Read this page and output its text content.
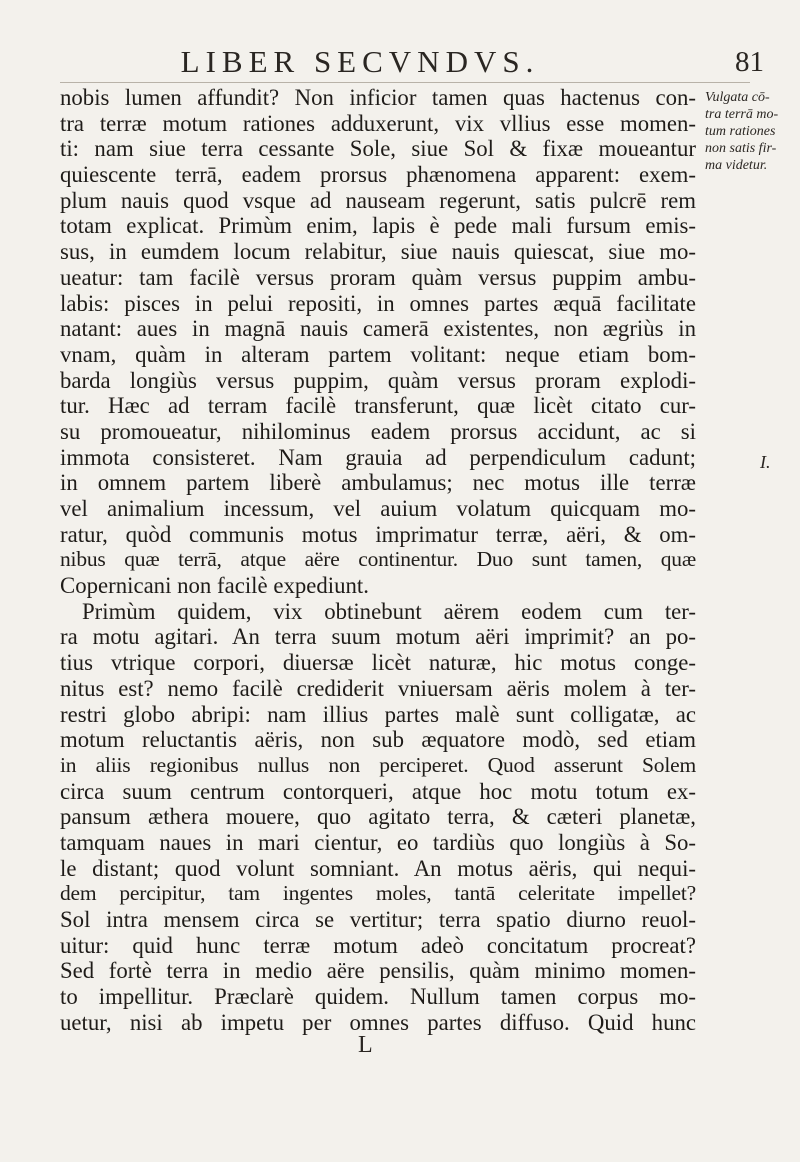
LIBER SECVNDVS.	81
Vulgata cō-
tra terrā mo-
tum rationes
non satis fir-
ma videtur.
I.
nobis lumen affundit? Non inficior tamen quas hactenus con-
tra terræ motum rationes adduxerunt, vix vllius esse momen-
ti: nam siue terra cessante Sole, siue Sol & fixæ moueantur
quiescente terrā, eadem prorsus phænomena apparent: exem-
plum nauis quod vsque ad nauseam regerunt, satis pulcrē rem
totam explicat. Primùm enim, lapis è pede mali fursum emis-
sus, in eumdem locum relabitur, siue nauis quiescat, siue mo-
ueatur: tam facilè versus proram quàm versus puppim ambu-
labis: pisces in pelui repositi, in omnes partes æquā facilitate
natant: aues in magnā nauis camerā existentes, non ægriùs in
vnam, quàm in alteram partem volitant: neque etiam bom-
barda longiùs versus puppim, quàm versus proram explodi-
tur. Hæc ad terram facilè transferunt, quæ licèt citato cur-
su promoueatur, nihilominus eadem prorsus accidunt, ac si
immota consisteret. Nam grauia ad perpendiculum cadunt;
in omnem partem liberè ambulamus; nec motus ille terræ
vel animalium incessum, vel auium volatum quicquam mo-
ratur, quòd communis motus imprimatur terræ, aëri, & om-
nibus quæ terrā, atque aëre continentur. Duo sunt tamen, quæ
Copernicani non facilè expediunt.
Primùm quidem, vix obtinebunt aërem eodem cum ter-
ra motu agitari. An terra suum motum aëri imprimit? an po-
tius vtrique corpori, diuersæ licèt naturæ, hic motus conge-
nitus est? nemo facilè crediderit vniuersam aëris molem à ter-
restri globo abripi: nam illius partes malè sunt colligatæ, ac
motum reluctantis aëris, non sub æquatore modò, sed etiam
in aliis regionibus nullus non perciperet. Quod asserunt Solem
circa suum centrum contorqueri, atque hoc motu totum ex-
pansum æthera mouere, quo agitato terra, & cæteri planetæ,
tamquam naues in mari cientur, eo tardiùs quo longiùs à So-
le distant; quod volunt somniant. An motus aëris, qui nequi-
dem percipitur, tam ingentes moles, tantā celeritate impellet?
Sol intra mensem circa se vertitur; terra spatio diurno reuol-
uitur: quid hunc terræ motum adeò concitatum procreat?
Sed fortè terra in medio aëre pensilis, quàm minimo momen-
to impellitur. Præclarè quidem. Nullum tamen corpus mo-
uetur, nisi ab impetu per omnes partes diffuso. Quid hunc
L
